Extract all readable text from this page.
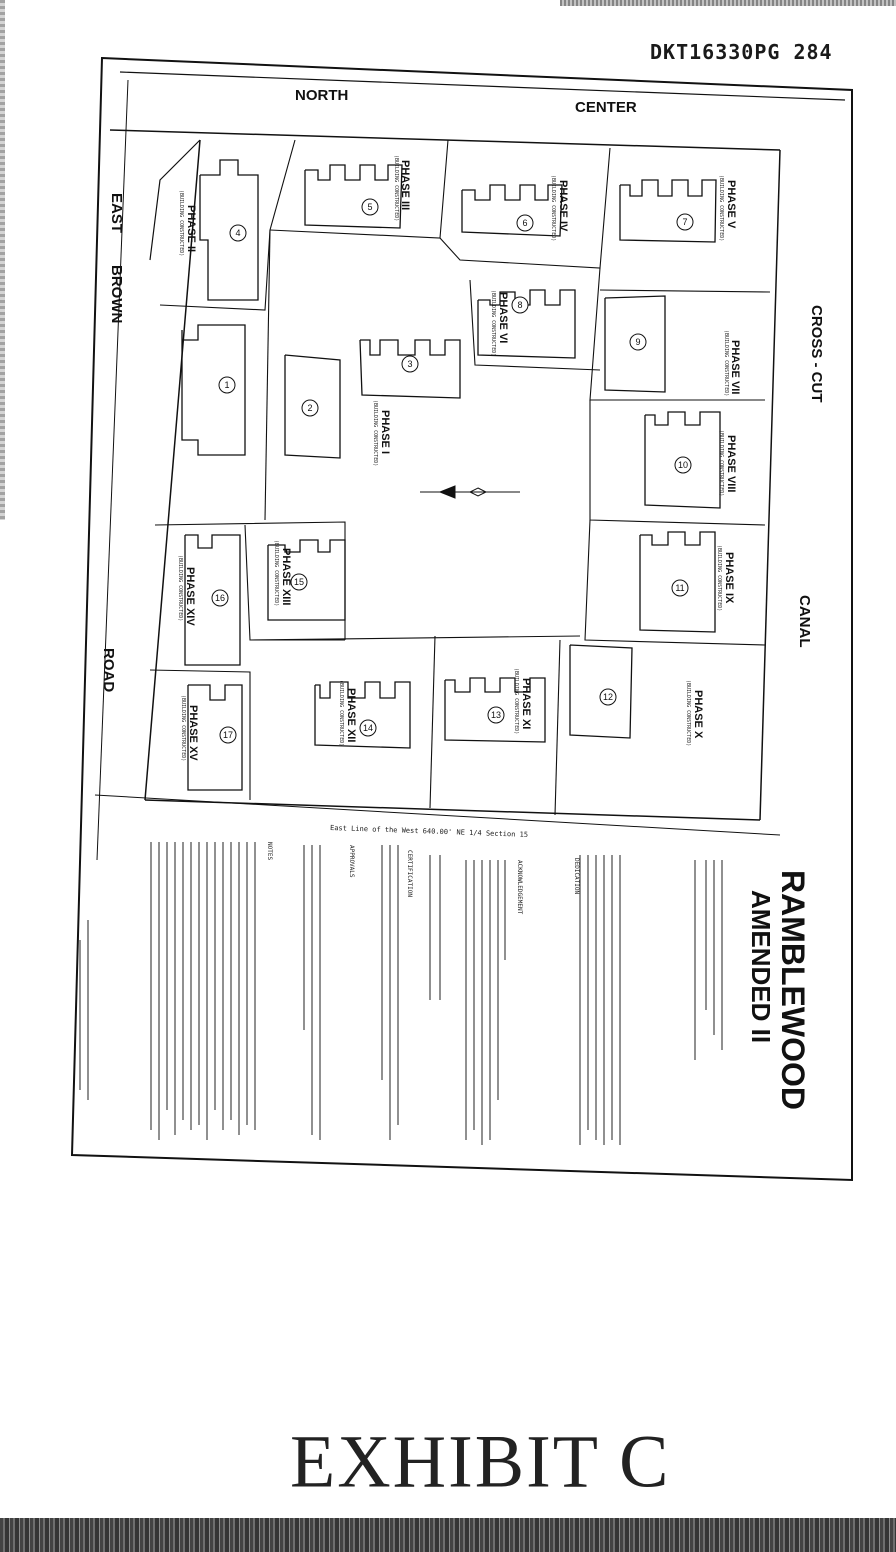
DKT16330PG 284
4
5
6	7
1
2
3
8
9
10
11
16
15
12
14
13
17
PHASE II
PHASE III	PHASE IV	PHASE V
PHASE VI
PHASE VII
PHASE I
PHASE VIII
PHASE IX
PHASE XIV	PHASE XIII
PHASE X
PHASE XI
PHASE XII
PHASE XV
(BUILDING CONSTRUCTED)
(BUILDING CONSTRUCTED)	(BUILDING CONSTRUCTED)	(BUILDING CONSTRUCTED)
(BUILDING CONSTRUCTED)
(BUILDING CONSTRUCTED)
(BUILDING CONSTRUCTED)	(BUILDING CONSTRUCTED)
(BUILDING CONSTRUCTED)
(BUILDING CONSTRUCTED)	(BUILDING CONSTRUCTED)
(BUILDING CONSTRUCTED)
(BUILDING CONSTRUCTED)
(BUILDING CONSTRUCTED)
(BUILDING CONSTRUCTED)
NORTH
CENTER
CROSS - CUT
CANAL
EAST
BROWN
ROAD
East Line of the West 640.00' NE 1/4 Section 15
RAMBLEWOOD
AMENDED II
DEDICATION
ACKNOWLEDGEMENT
CERTIFICATION
APPROVALS
NOTES
EXHIBIT C
